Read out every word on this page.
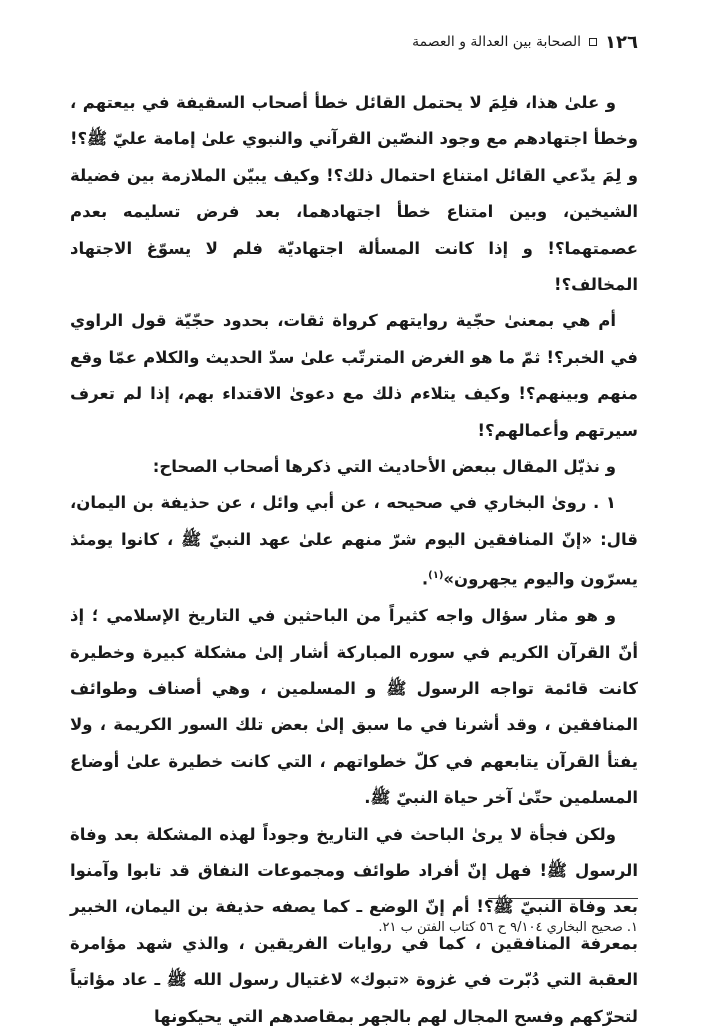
١٢٦
الصحابة بين العدالة و العصمة

و علىٰ هذا، فلِمَ لا يحتمل القائل خطأ أصحاب السقيفة في بيعتهم ، وخطأ اجتهادهم مع وجود النصّين القرآني والنبوي علىٰ إمامة عليّ ﷺ؟! و لِمَ يدّعي القائل امتناع احتمال ذلك؟! وكيف يبيّن الملازمة بين فضيلة الشيخين، وبين امتناع خطأ اجتهادهما، بعد فرض تسليمه بعدم عصمتهما؟! و إذا كانت المسألة اجتهاديّة فلم لا يسوّغ الاجتهاد المخالف؟!

أم هي بمعنىٰ حجّية روايتهم كرواة ثقات، بحدود حجّيّة قول الراوي في الخبر؟! ثمّ ما هو الغرض المترتّب علىٰ سدّ الحديث والكلام عمّا وقع منهم وبينهم؟! وكيف يتلاءم ذلك مع دعوىٰ الاقتداء بهم، إذا لم تعرف سيرتهم وأعمالهم؟!

و نذيّل المقال ببعض الأحاديث التي ذكرها أصحاب الصحاح:

١ . روىٰ البخاري في صحيحه ، عن أبي وائل ، عن حذيفة بن اليمان، قال: «إنّ المنافقين اليوم شرّ منهم علىٰ عهد النبيّ ﷺ ، كانوا يومئذ يسرّون واليوم يجهرون»$^{(١)}$.

و هو مثار سؤال واجه كثيراً من الباحثين في التاريخ الإسلامي ؛ إذ أنّ القرآن الكريم في سوره المباركة أشار إلىٰ مشكلة كبيرة وخطيرة كانت قائمة تواجه الرسول ﷺ و المسلمين ، وهي أصناف وطوائف المنافقين ، وقد أشرنا في ما سبق إلىٰ بعض تلك السور الكريمة ، ولا يفتأ القرآن يتابعهم في كلّ خطواتهم ، التي كانت خطيرة علىٰ أوضاع المسلمين حتّىٰ آخر حياة النبيّ ﷺ.

ولكن فجأة لا يرىٰ الباحث في التاريخ وجوداً لهذه المشكلة بعد وفاة الرسول ﷺ! فهل إنّ أفراد طوائف ومجموعات النفاق قد تابوا وآمنوا بعد وفاة النبيّ ﷺ؟! أم إنّ الوضع ـ كما يصفه حذيفة بن اليمان، الخبير بمعرفة المنافقين ، كما في روايات الفريقين ، والذي شهد مؤامرة العقبة التي دُبّرت في غزوة «تبوك» لاغتيال رسول الله ﷺ ـ عاد مؤاتياً لتحرّكهم وفسح المجال لهم بالجهر بمقاصدهم التي يحيكونها

١. صحيح البخاري ٩/١٠٤ ح ٥٦ كتاب الفتن ب ٢١.
